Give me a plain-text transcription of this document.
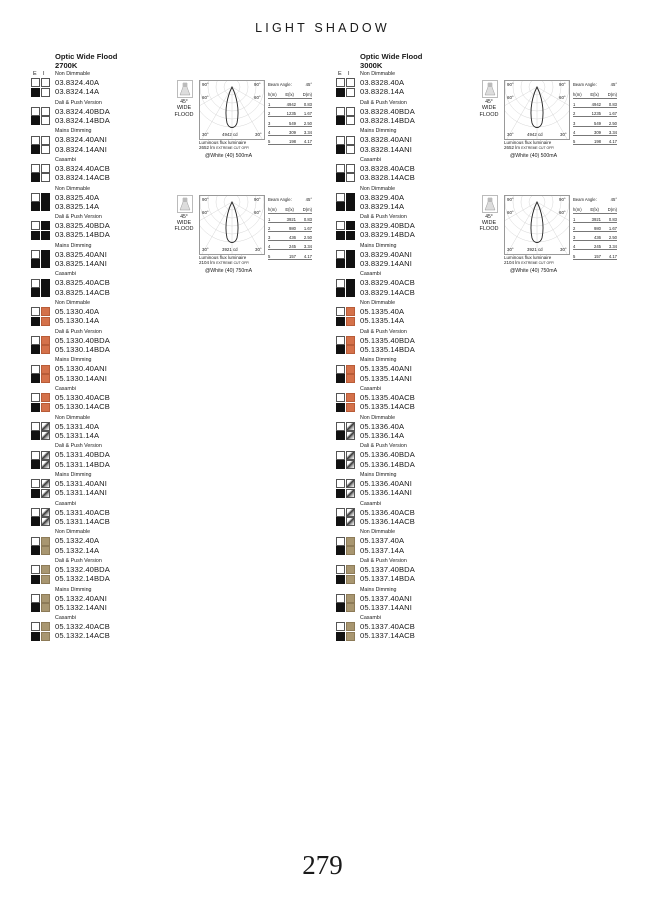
LIGHT SHADOW
Optic Wide Flood
2700K
E I Non Dimmable
03.8324.40A
03.8324.14A
Dali & Push Version
03.8324.40BDA
03.8324.14BDA
Mains Dimming
03.8324.40ANI
03.8324.14ANI
Casambi
03.8324.40ACB
03.8324.14ACB
Non Dimmable
03.8325.40A
03.8325.14A
Dali & Push Version
03.8325.40BDA
03.8325.14BDA
Mains Dimming
03.8325.40ANI
03.8325.14ANI
Casambi
03.8325.40ACB
03.8325.14ACB
Non Dimmable
05.1330.40A
05.1330.14A
Dali & Push Version
05.1330.40BDA
05.1330.14BDA
Mains Dimming
05.1330.40ANI
05.1330.14ANI
Casambi
05.1330.40ACB
05.1330.14ACB
Non Dimmable
05.1331.40A
05.1331.14A
Dali & Push Version
05.1331.40BDA
05.1331.14BDA
Mains Dimming
05.1331.40ANI
05.1331.14ANI
Casambi
05.1331.40ACB
05.1331.14ACB
Non Dimmable
05.1332.40A
05.1332.14A
Dali & Push Version
05.1332.40BDA
05.1332.14BDA
Mains Dimming
05.1332.40ANI
05.1332.14ANI
Casambi
05.1332.40ACB
05.1332.14ACB
45°
WIDE
FLOOD
90°	90°
60°	60°
30°	4942 cd	30°
Beam Angle:	45°
h(m) E(lx) D(m)
1	4942	0.83
2	1235	1.67
3	549	2.50
4	309	3.34
5	198	4.17
Luminous flux luminaire
2652 lm EXTREME CUT OFF!
@White (40) 500mA
45°
WIDE
FLOOD
90°	90°
60°	60°
30°	3921 cd	30°
Beam Angle:	45°
h(m) E(lx) D(m)
1	3921	0.83
2	980	1.67
3	436	2.50
4	245	3.34
5	157	4.17
Luminous flux luminaire
2104 lm EXTREME CUT OFF!
@White (40) 750mA
Optic Wide Flood
3000K
E I Non Dimmable
03.8328.40A
03.8328.14A
Dali & Push Version
03.8328.40BDA
03.8328.14BDA
Mains Dimming
03.8328.40ANI
03.8328.14ANI
Casambi
03.8328.40ACB
03.8328.14ACB
Non Dimmable
03.8329.40A
03.8329.14A
Dali & Push Version
03.8329.40BDA
03.8329.14BDA
Mains Dimming
03.8329.40ANI
03.8329.14ANI
Casambi
03.8329.40ACB
03.8329.14ACB
Non Dimmable
05.1335.40A
05.1335.14A
Dali & Push Version
05.1335.40BDA
05.1335.14BDA
Mains Dimming
05.1335.40ANI
05.1335.14ANI
Casambi
05.1335.40ACB
05.1335.14ACB
Non Dimmable
05.1336.40A
05.1336.14A
Dali & Push Version
05.1336.40BDA
05.1336.14BDA
Mains Dimming
05.1336.40ANI
05.1336.14ANI
Casambi
05.1336.40ACB
05.1336.14ACB
Non Dimmable
05.1337.40A
05.1337.14A
Dali & Push Version
05.1337.40BDA
05.1337.14BDA
Mains Dimming
05.1337.40ANI
05.1337.14ANI
Casambi
05.1337.40ACB
05.1337.14ACB
45°
WIDE
FLOOD
90°	90°
60°	60°
30°	4942 cd	30°
Beam Angle:	45°
h(m) E(lx) D(m)
1	4942	0.83
2	1235	1.67
3	549	2.50
4	309	3.34
5	198	4.17
Luminous flux luminaire
2652 lm EXTREME CUT OFF!
@White (40) 500mA
45°
WIDE
FLOOD
90°	90°
60°	60°
30°	3921 cd	30°
Beam Angle:	45°
h(m) E(lx) D(m)
1	3921	0.83
2	980	1.67
3	436	2.50
4	245	3.34
5	157	4.17
Luminous flux luminaire
2104 lm EXTREME CUT OFF!
@White (40) 750mA
279
